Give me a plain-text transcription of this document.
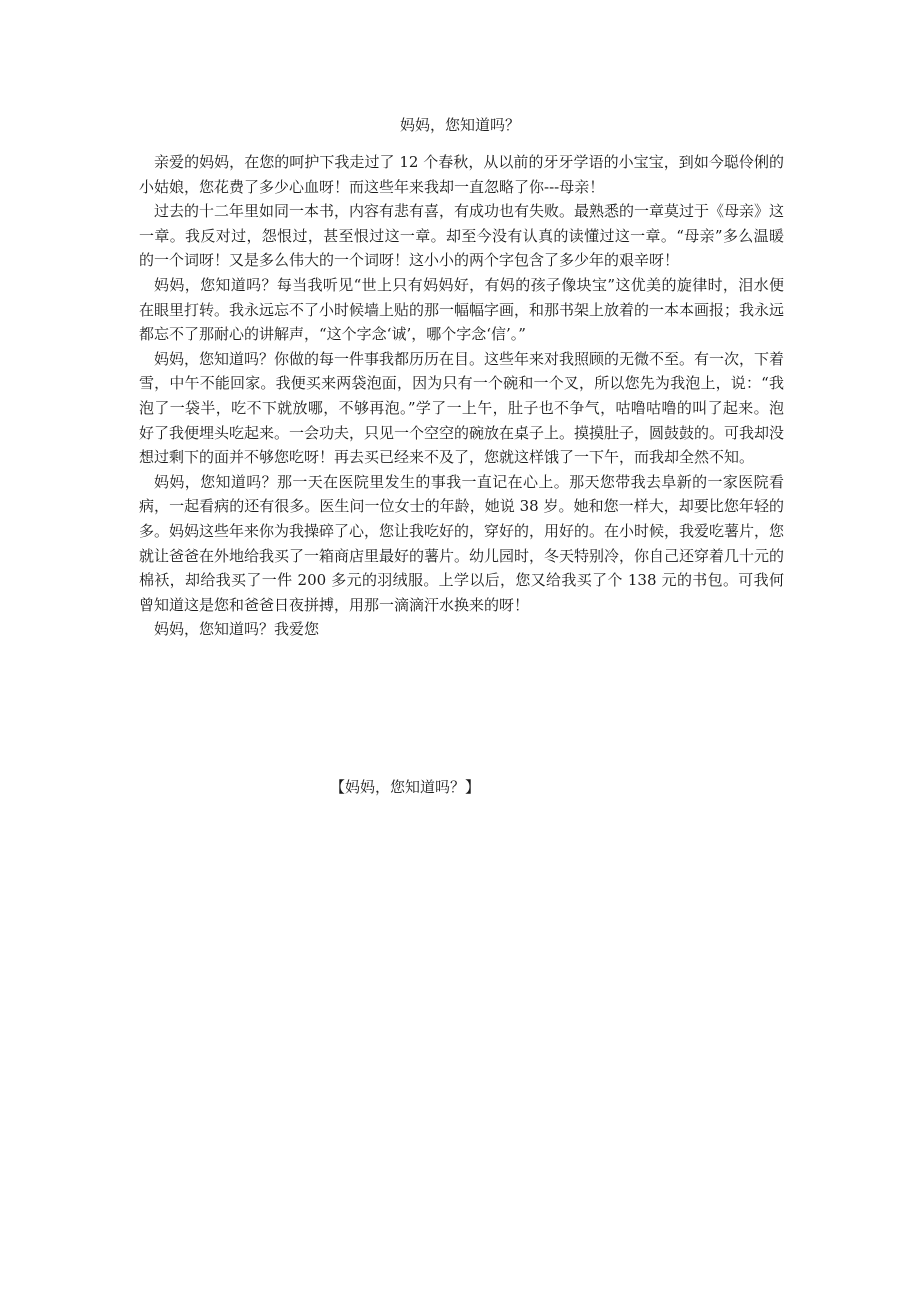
妈妈，您知道吗？

亲爱的妈妈，在您的呵护下我走过了 12 个春秋，从以前的牙牙学语的小宝宝，到如今聪伶俐的小姑娘，您花费了多少心血呀！而这些年来我却一直忽略了你---母亲！

过去的十二年里如同一本书，内容有悲有喜，有成功也有失败。最熟悉的一章莫过于《母亲》这一章。我反对过，怨恨过，甚至恨过这一章。却至今没有认真的读懂过这一章。“母亲”多么温暖的一个词呀！又是多么伟大的一个词呀！这小小的两个字包含了多少年的艰辛呀！

妈妈，您知道吗？每当我听见“世上只有妈妈好，有妈的孩子像块宝”这优美的旋律时，泪水便在眼里打转。我永远忘不了小时候墙上贴的那一幅幅字画，和那书架上放着的一本本画报；我永远都忘不了那耐心的讲解声，“这个字念‘诚’，哪个字念‘信’。”

妈妈，您知道吗？你做的每一件事我都历历在目。这些年来对我照顾的无微不至。有一次，下着雪，中午不能回家。我便买来两袋泡面，因为只有一个碗和一个叉，所以您先为我泡上，说：“我泡了一袋半，吃不下就放哪，不够再泡。”学了一上午，肚子也不争气，咕噜咕噜的叫了起来。泡好了我便埋头吃起来。一会功夫，只见一个空空的碗放在桌子上。摸摸肚子，圆鼓鼓的。可我却没想过剩下的面并不够您吃呀！再去买已经来不及了，您就这样饿了一下午，而我却全然不知。

妈妈，您知道吗？那一天在医院里发生的事我一直记在心上。那天您带我去阜新的一家医院看病，一起看病的还有很多。医生问一位女士的年龄，她说 38 岁。她和您一样大，却要比您年轻的多。妈妈这些年来你为我操碎了心，您让我吃好的，穿好的，用好的。在小时候，我爱吃薯片，您就让爸爸在外地给我买了一箱商店里最好的薯片。幼儿园时，冬天特别冷，你自己还穿着几十元的棉袄，却给我买了一件 200 多元的羽绒服。上学以后，您又给我买了个 138 元的书包。可我何曾知道这是您和爸爸日夜拼搏，用那一滴滴汗水换来的呀！

妈妈，您知道吗？我爱您

【妈妈，您知道吗？】
